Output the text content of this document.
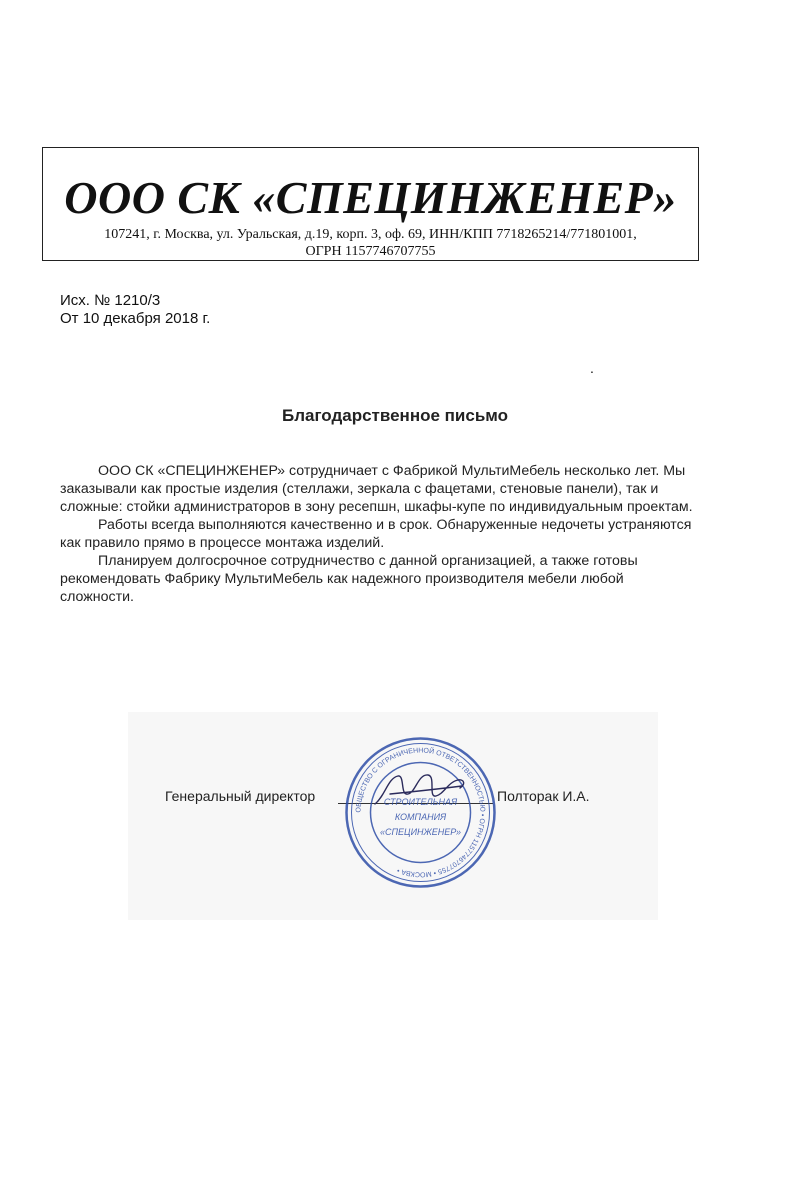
ООО СК «СПЕЦИНЖЕНЕР»
107241, г. Москва, ул. Уральская, д.19, корп. 3, оф. 69, ИНН/КПП 7718265214/771801001,
ОГРН 1157746707755
Исх. № 1210/3
От 10 декабря 2018 г.
.
Благодарственное письмо

ООО СК «СПЕЦИНЖЕНЕР» сотрудничает с Фабрикой МультиМебель несколько лет. Мы заказывали как простые изделия (стеллажи, зеркала с фацетами, стеновые панели), так и сложные: стойки администраторов в зону ресепшн, шкафы-купе по индивидуальным проектам.

Работы всегда выполняются качественно и в срок. Обнаруженные недочеты устраняются как правило прямо в процессе монтажа изделий.

Планируем долгосрочное сотрудничество с данной организацией, а также готовы рекомендовать Фабрику МультиМебель как надежного производителя мебели любой сложности.

Генеральный директор	Полторак И.А.
ОБЩЕСТВО С ОГРАНИЧЕННОЙ ОТВЕТСТВЕННОСТЬЮ • ОГРН 1157746707755 • МОСКВА •
СТРОИТЕЛЬНАЯ
КОМПАНИЯ
«СПЕЦИНЖЕНЕР»
